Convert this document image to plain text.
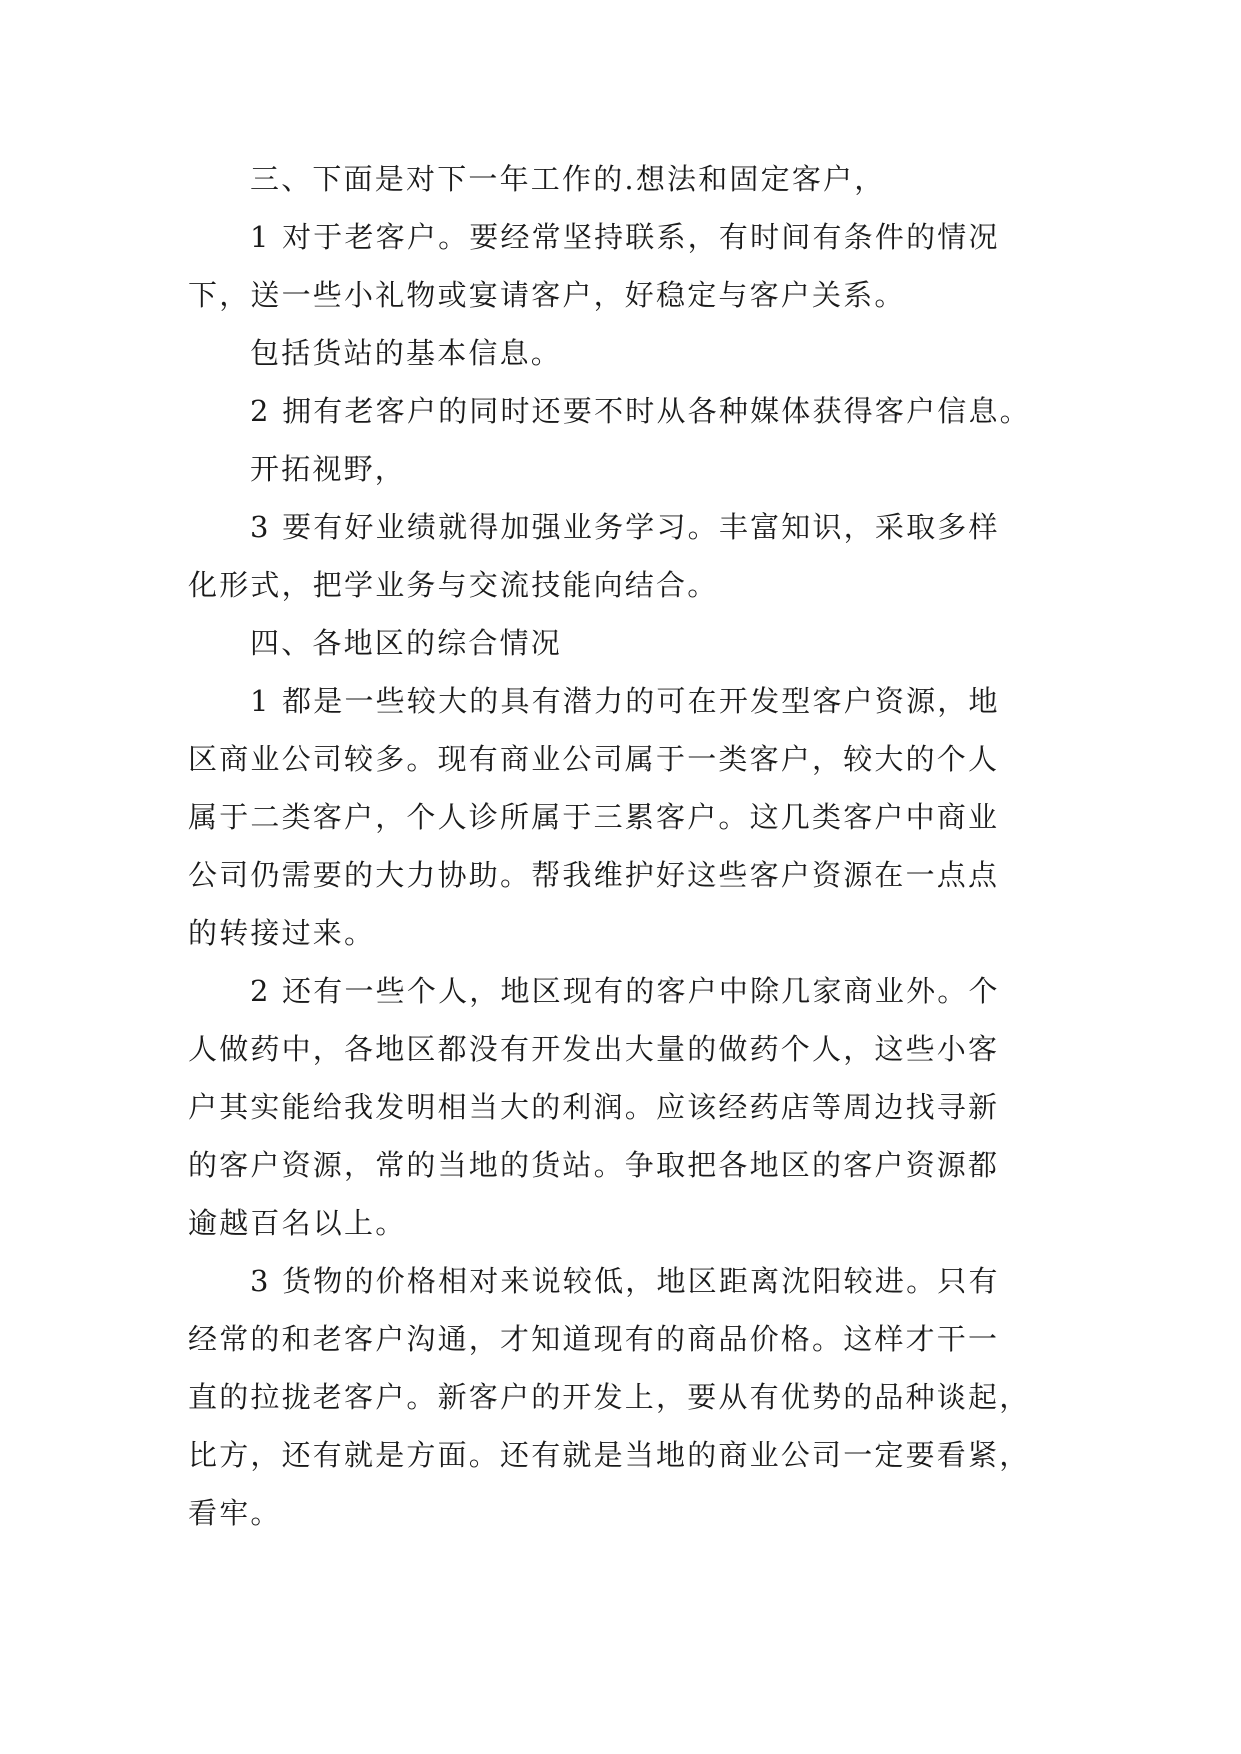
三、下面是对下一年工作的.想法和固定客户，

1 对于老客户。要经常坚持联系，有时间有条件的情况
下，送一些小礼物或宴请客户，好稳定与客户关系。

包括货站的基本信息。

2 拥有老客户的同时还要不时从各种媒体获得客户信息。

开拓视野，

3 要有好业绩就得加强业务学习。丰富知识，采取多样
化形式，把学业务与交流技能向结合。

四、各地区的综合情况

1 都是一些较大的具有潜力的可在开发型客户资源，地
区商业公司较多。现有商业公司属于一类客户，较大的个人
属于二类客户，个人诊所属于三累客户。这几类客户中商业
公司仍需要的大力协助。帮我维护好这些客户资源在一点点
的转接过来。

2 还有一些个人，地区现有的客户中除几家商业外。个
人做药中，各地区都没有开发出大量的做药个人，这些小客
户其实能给我发明相当大的利润。应该经药店等周边找寻新
的客户资源，常的当地的货站。争取把各地区的客户资源都
逾越百名以上。

3 货物的价格相对来说较低，地区距离沈阳较进。只有
经常的和老客户沟通，才知道现有的商品价格。这样才干一
直的拉拢老客户。新客户的开发上，要从有优势的品种谈起，
比方，还有就是方面。还有就是当地的商业公司一定要看紧，
看牢。
